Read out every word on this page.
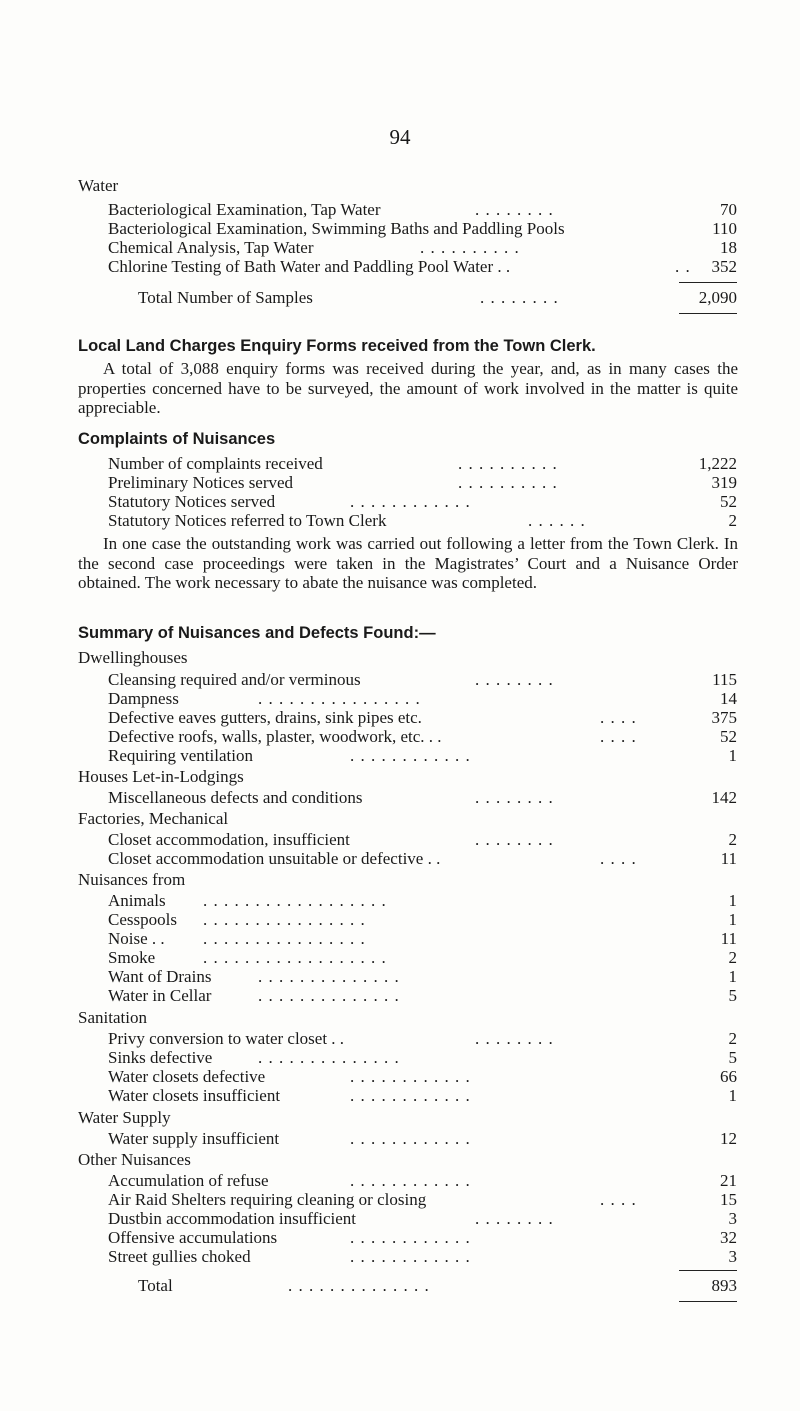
94
Water
Bacteriological Examination, Tap Water	. . . . . . . .	70
Bacteriological Examination, Swimming Baths and Paddling Pools	110
Chemical Analysis, Tap Water	. . . . . . . . . .	18
Chlorine Testing of Bath Water and Paddling Pool Water . .	. . 352
Total Number of Samples	. . . . . . . .	2,090
Local Land Charges Enquiry Forms received from the Town Clerk.
A total of 3,088 enquiry forms was received during the year, and, as in many cases the properties concerned have to be surveyed, the amount of work involved in the matter is quite appreciable.
Complaints of Nuisances
Number of complaints received	. . . . . . . . . .	1,222
Preliminary Notices served	. . . . . . . . . .	319
Statutory Notices served	. . . . . . . . . . . .	52
Statutory Notices referred to Town Clerk	. . . . . .	2
In one case the outstanding work was carried out following a letter from the Town Clerk. In the second case proceedings were taken in the Magistrates’ Court and a Nuisance Order obtained. The work necessary to abate the nuisance was completed.
Summary of Nuisances and Defects Found:—
Dwellinghouses
Cleansing required and/or verminous	. . . . . . . .	115
Dampness	. . . . . . . . . . . . . . . .	14
Defective eaves gutters, drains, sink pipes etc.	. . . .	375
Defective roofs, walls, plaster, woodwork, etc. . .	. . . .	52
Requiring ventilation	. . . . . . . . . . . .	1
Houses Let-in-Lodgings
Miscellaneous defects and conditions	. . . . . . . .	142
Factories, Mechanical
Closet accommodation, insufficient	. . . . . . . .	2
Closet accommodation unsuitable or defective . .	. . . .	11
Nuisances from
Animals . . . . . . . . . . . . . . . . . .	1
Cesspools . . . . . . . . . . . . . . . .	1
Noise . . . . . . . . . . . . . . . . . .	11
Smoke	. . . . . . . . . . . . . . . . . .	2
Want of Drains	. . . . . . . . . . . . . .	1
Water in Cellar	. . . . . . . . . . . . . .	5
Sanitation
Privy conversion to water closet . .	. . . . . . . .	2
Sinks defective	. . . . . . . . . . . . . .	5
Water closets defective	. . . . . . . . . . . .	66
Water closets insufficient	. . . . . . . . . . . .	1
Water Supply
Water supply insufficient	. . . . . . . . . . . .	12
Other Nuisances
Accumulation of refuse	. . . . . . . . . . . .	21
Air Raid Shelters requiring cleaning or closing	. . . .	15
Dustbin accommodation insufficient	. . . . . . . .	3
Offensive accumulations	. . . . . . . . . . . .	32
Street gullies choked	. . . . . . . . . . . .	3
Total	. . . . . . . . . . . . . .	893
